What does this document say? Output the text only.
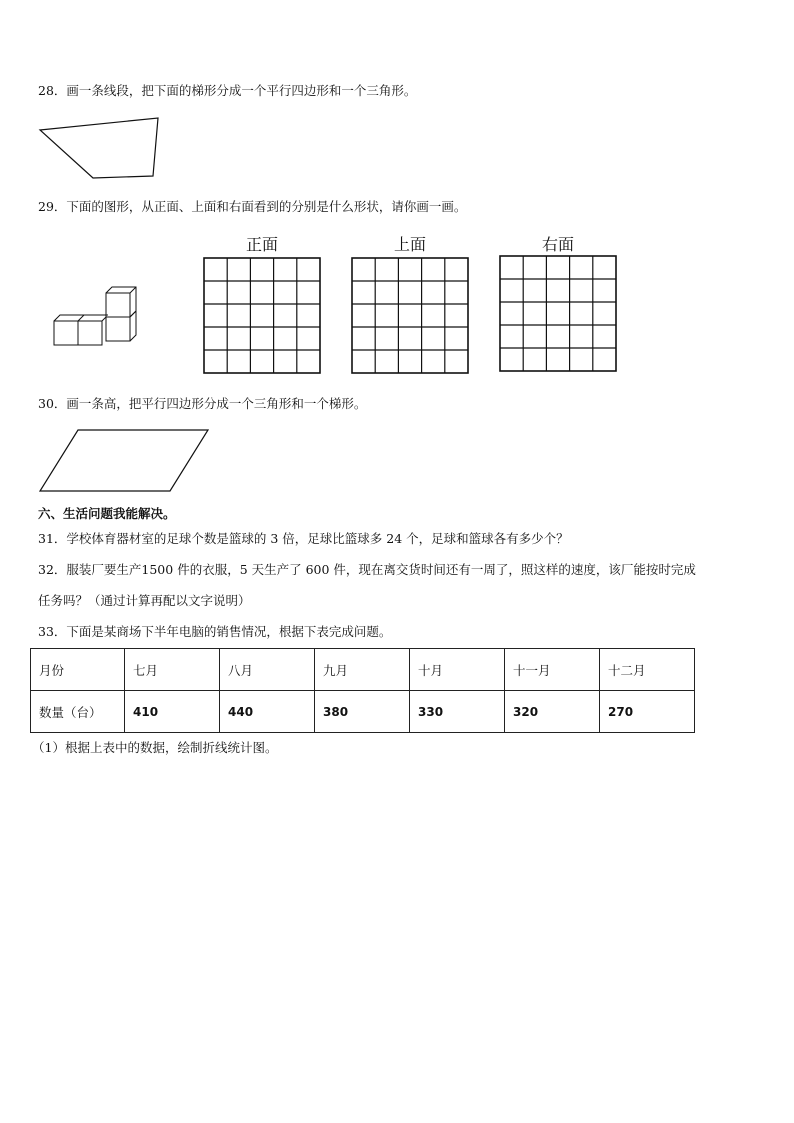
28．画一条线段，把下面的梯形分成一个平行四边形和一个三角形。
29．下面的图形，从正面、上面和右面看到的分别是什么形状，请你画一画。
正面	上面	右面
30．画一条高，把平行四边形分成一个三角形和一个梯形。
六、生活问题我能解决。
31．学校体育器材室的足球个数是篮球的 3 倍，足球比篮球多 24 个，足球和篮球各有多少个？
32．服装厂要生产1500 件的衣服，5 天生产了 600 件，现在离交货时间还有一周了，照这样的速度，该厂能按时完成
任务吗？（通过计算再配以文字说明）
33．下面是某商场下半年电脑的销售情况，根据下表完成问题。
月份	七月	八月	九月	十月	十一月	十二月
数量（台）	410	440	380	330	320	270
（1）根据上表中的数据，绘制折线统计图。
